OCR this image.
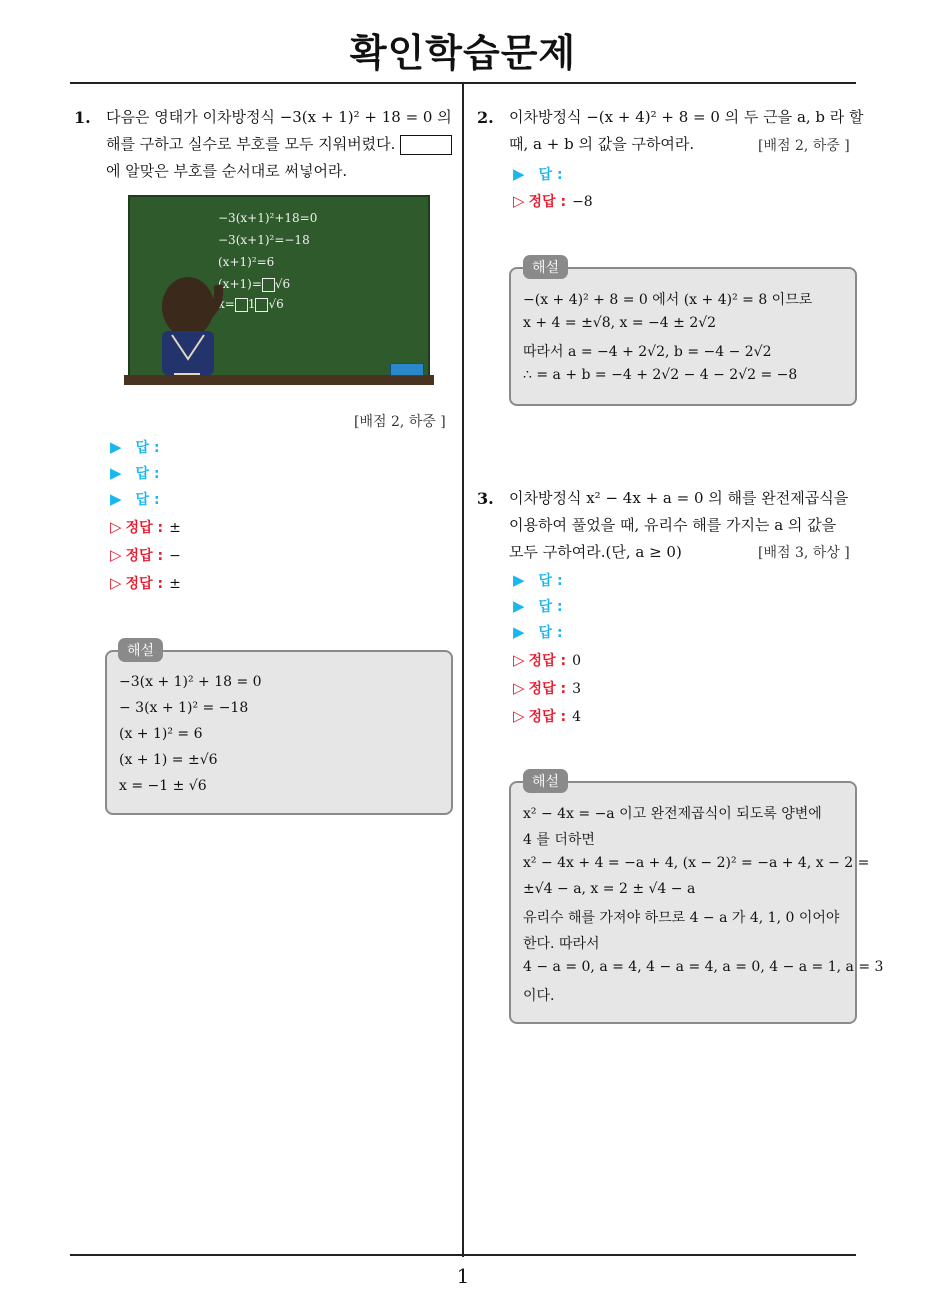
확인학습문제
1
1. 다음은 영태가 이차방정식 −3(x + 1)² + 18 = 0 의
해를 구하고 실수로 부호를 모두 지워버렸다.
에 알맞은 부호를 순서대로 써넣어라.
−3(x+1)²+18=0
−3(x+1)²=−18
(x+1)²=6
(x+1)= √6
x= 1 √6
[배점 2, 하중 ]
▶ 답 :
▶ 답 :
▶ 답 :
▷ 정답 : ±
▷ 정답 : −
▷ 정답 : ±
−3(x + 1)² + 18 = 0
− 3(x + 1)² = −18
(x + 1)² = 6
(x + 1) = ±√6
x = −1 ± √6
해설
2. 이차방정식 −(x + 4)² + 8 = 0 의 두 근을 a, b 라 할
때, a + b 의 값을 구하여라.	[배점 2, 하중 ]
▶ 답 :
▷ 정답 : −8
−(x + 4)² + 8 = 0 에서 (x + 4)² = 8 이므로
x + 4 = ±√8, x = −4 ± 2√2
따라서 a = −4 + 2√2, b = −4 − 2√2
∴ = a + b = −4 + 2√2 − 4 − 2√2 = −8
해설
3. 이차방정식 x² − 4x + a = 0 의 해를 완전제곱식을
이용하여 풀었을 때, 유리수 해를 가지는 a 의 값을
모두 구하여라.(단, a ≥ 0)	[배점 3, 하상 ]
▶ 답 :
▶ 답 :
▶ 답 :
▷ 정답 : 0
▷ 정답 : 3
▷ 정답 : 4
x² − 4x = −a 이고 완전제곱식이 되도록 양변에
4 를 더하면
x² − 4x + 4 = −a + 4, (x − 2)² = −a + 4, x − 2 =
±√4 − a, x = 2 ± √4 − a
유리수 해를 가져야 하므로 4 − a 가 4, 1, 0 이어야
한다. 따라서
4 − a = 0, a = 4, 4 − a = 4, a = 0, 4 − a = 1, a = 3
이다.
해설
